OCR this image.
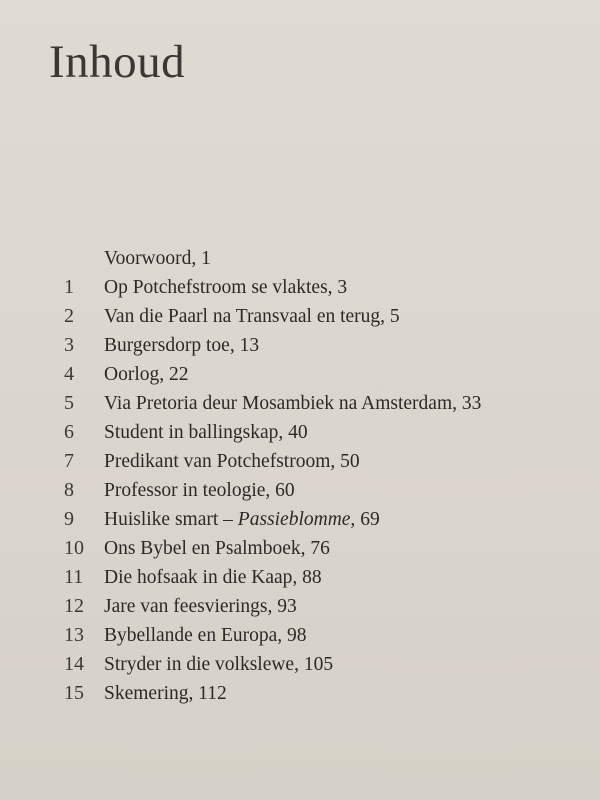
Inhoud
Voorwoord, 1
1	Op Potchefstroom se vlaktes, 3
2	Van die Paarl na Transvaal en terug, 5
3	Burgersdorp toe, 13
4	Oorlog, 22
5	Via Pretoria deur Mosambiek na Amsterdam, 33
6	Student in ballingskap, 40
7	Predikant van Potchefstroom, 50
8	Professor in teologie, 60
9	Huislike smart – Passieblomme, 69
10	Ons Bybel en Psalmboek, 76
11	Die hofsaak in die Kaap, 88
12	Jare van feesvierings, 93
13	Bybellande en Europa, 98
14	Stryder in die volkslewe, 105
15	Skemering, 112
